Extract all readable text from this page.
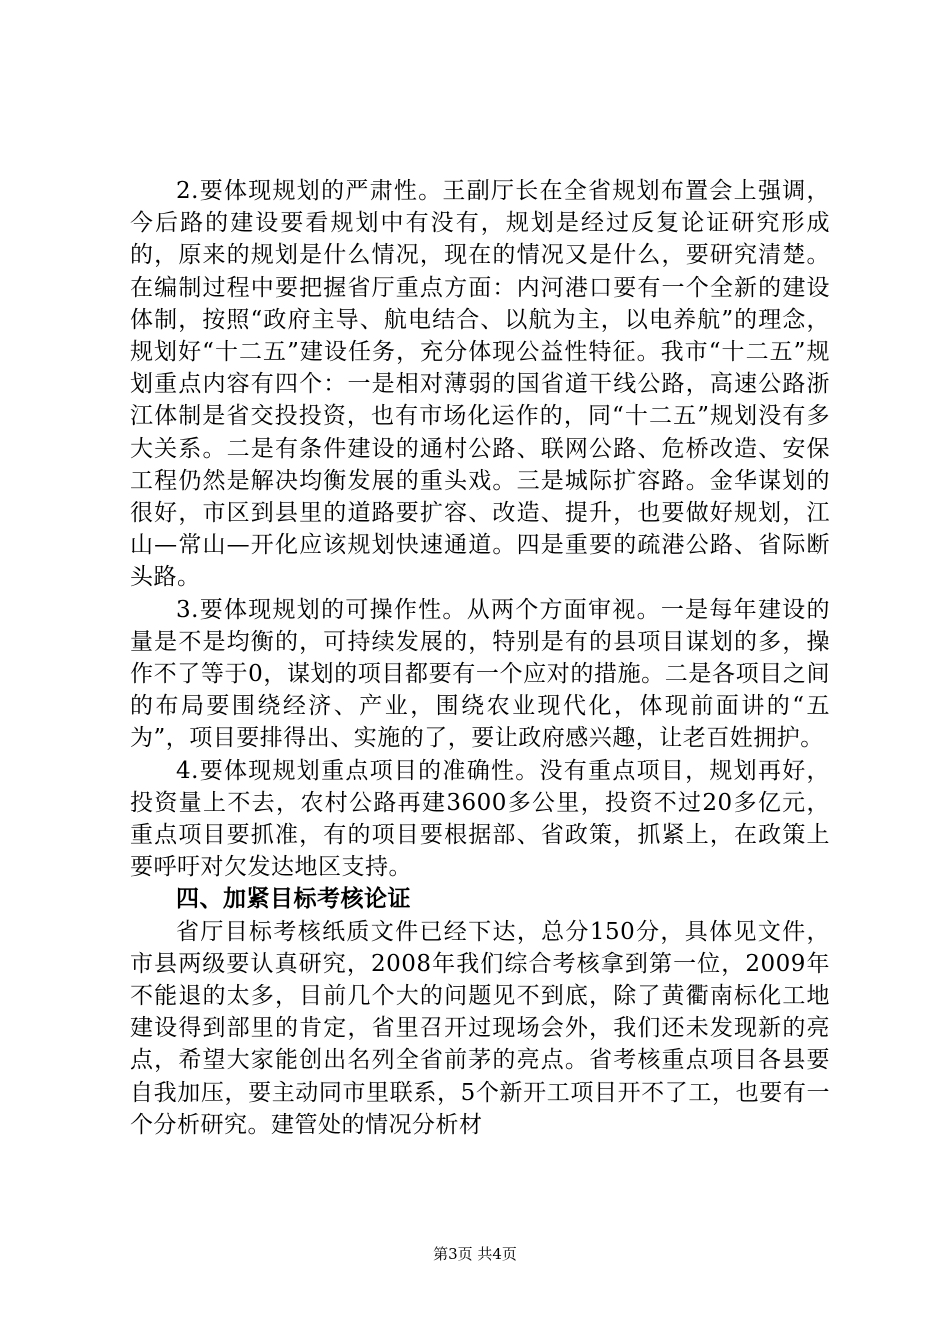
2.要体现规划的严肃性。王副厅长在全省规划布置会上强调，今后路的建设要看规划中有没有，规划是经过反复论证研究形成的，原来的规划是什么情况，现在的情况又是什么，要研究清楚。在编制过程中要把握省厅重点方面：内河港口要有一个全新的建设体制，按照“政府主导、航电结合、以航为主，以电养航”的理念，规划好“十二五”建设任务，充分体现公益性特征。我市“十二五”规划重点内容有四个：一是相对薄弱的国省道干线公路，高速公路浙江体制是省交投投资，也有市场化运作的，同“十二五”规划没有多大关系。二是有条件建设的通村公路、联网公路、危桥改造、安保工程仍然是解决均衡发展的重头戏。三是城际扩容路。金华谋划的很好，市区到县里的道路要扩容、改造、提升，也要做好规划，江山—常山—开化应该规划快速通道。四是重要的疏港公路、省际断头路。

3.要体现规划的可操作性。从两个方面审视。一是每年建设的量是不是均衡的，可持续发展的，特别是有的县项目谋划的多，操作不了等于0，谋划的项目都要有一个应对的措施。二是各项目之间的布局要围绕经济、产业，围绕农业现代化，体现前面讲的“五为”，项目要排得出、实施的了，要让政府感兴趣，让老百姓拥护。

4.要体现规划重点项目的准确性。没有重点项目，规划再好，投资量上不去，农村公路再建3600多公里，投资不过20多亿元，重点项目要抓准，有的项目要根据部、省政策，抓紧上，在政策上要呼吁对欠发达地区支持。

四、加紧目标考核论证

省厅目标考核纸质文件已经下达，总分150分，具体见文件，市县两级要认真研究，2008年我们综合考核拿到第一位，2009年不能退的太多，目前几个大的问题见不到底，除了黄衢南标化工地建设得到部里的肯定，省里召开过现场会外，我们还未发现新的亮点，希望大家能创出名列全省前茅的亮点。省考核重点项目各县要自我加压，要主动同市里联系，5个新开工项目开不了工，也要有一个分析研究。建管处的情况分析材

第3页 共4页
